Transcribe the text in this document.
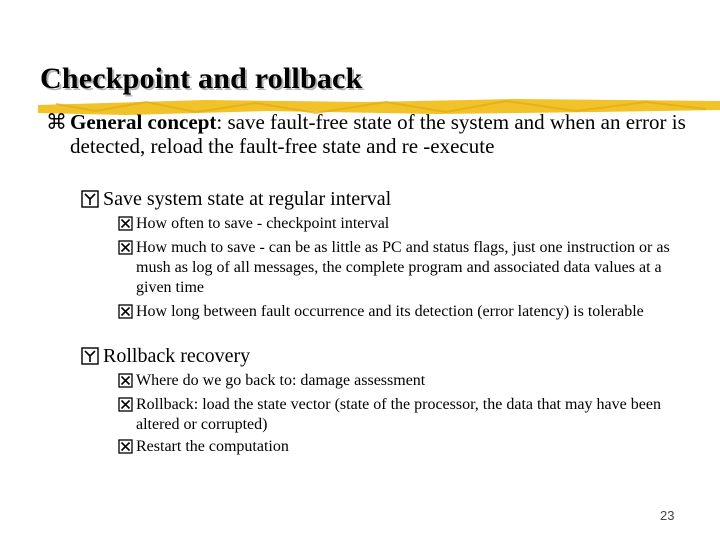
Checkpoint and rollback
⌘ General concept: save fault-free state of the system and when an error is detected, reload the fault-free state and re -execute
Save system state at regular interval
How often to save - checkpoint interval
How much to save - can be as little as PC and status flags, just one instruction or as mush as log of all messages, the complete program and associated data values at a given time
How long between fault occurrence and its detection (error latency) is tolerable
Rollback recovery
Where do we go back to: damage assessment
Rollback: load the state vector (state of the processor, the data that may have been altered or corrupted)
Restart the computation
23
